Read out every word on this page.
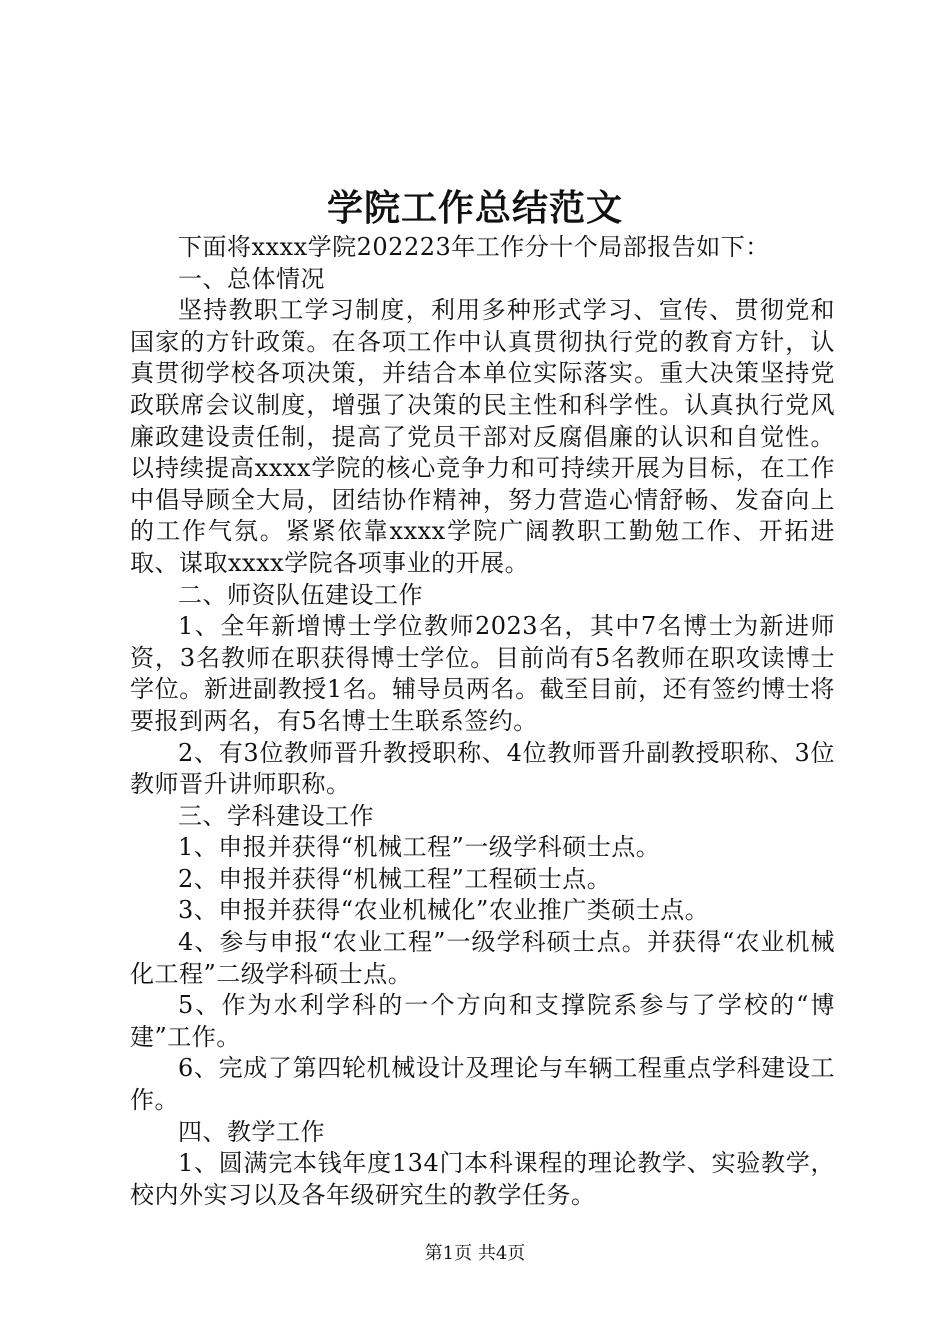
学院工作总结范文

下面将xxxx学院202223年工作分十个局部报告如下：

一、总体情况

坚持教职工学习制度，利用多种形式学习、宣传、贯彻党和国家的方针政策。在各项工作中认真贯彻执行党的教育方针，认真贯彻学校各项决策，并结合本单位实际落实。重大决策坚持党政联席会议制度，增强了决策的民主性和科学性。认真执行党风廉政建设责任制，提高了党员干部对反腐倡廉的认识和自觉性。以持续提高xxxx学院的核心竞争力和可持续开展为目标，在工作中倡导顾全大局，团结协作精神，努力营造心情舒畅、发奋向上的工作气氛。紧紧依靠xxxx学院广阔教职工勤勉工作、开拓进取、谋取xxxx学院各项事业的开展。

二、师资队伍建设工作

1、全年新增博士学位教师2023名，其中7名博士为新进师资，3名教师在职获得博士学位。目前尚有5名教师在职攻读博士学位。新进副教授1名。辅导员两名。截至目前，还有签约博士将要报到两名，有5名博士生联系签约。

2、有3位教师晋升教授职称、4位教师晋升副教授职称、3位教师晋升讲师职称。

三、学科建设工作

1、申报并获得“机械工程”一级学科硕士点。

2、申报并获得“机械工程”工程硕士点。

3、申报并获得“农业机械化”农业推广类硕士点。

4、参与申报“农业工程”一级学科硕士点。并获得“农业机械化工程”二级学科硕士点。

5、作为水利学科的一个方向和支撑院系参与了学校的“博建”工作。

6、完成了第四轮机械设计及理论与车辆工程重点学科建设工作。

四、教学工作

1、圆满完本钱年度134门本科课程的理论教学、实验教学，校内外实习以及各年级研究生的教学任务。

第1页 共4页
